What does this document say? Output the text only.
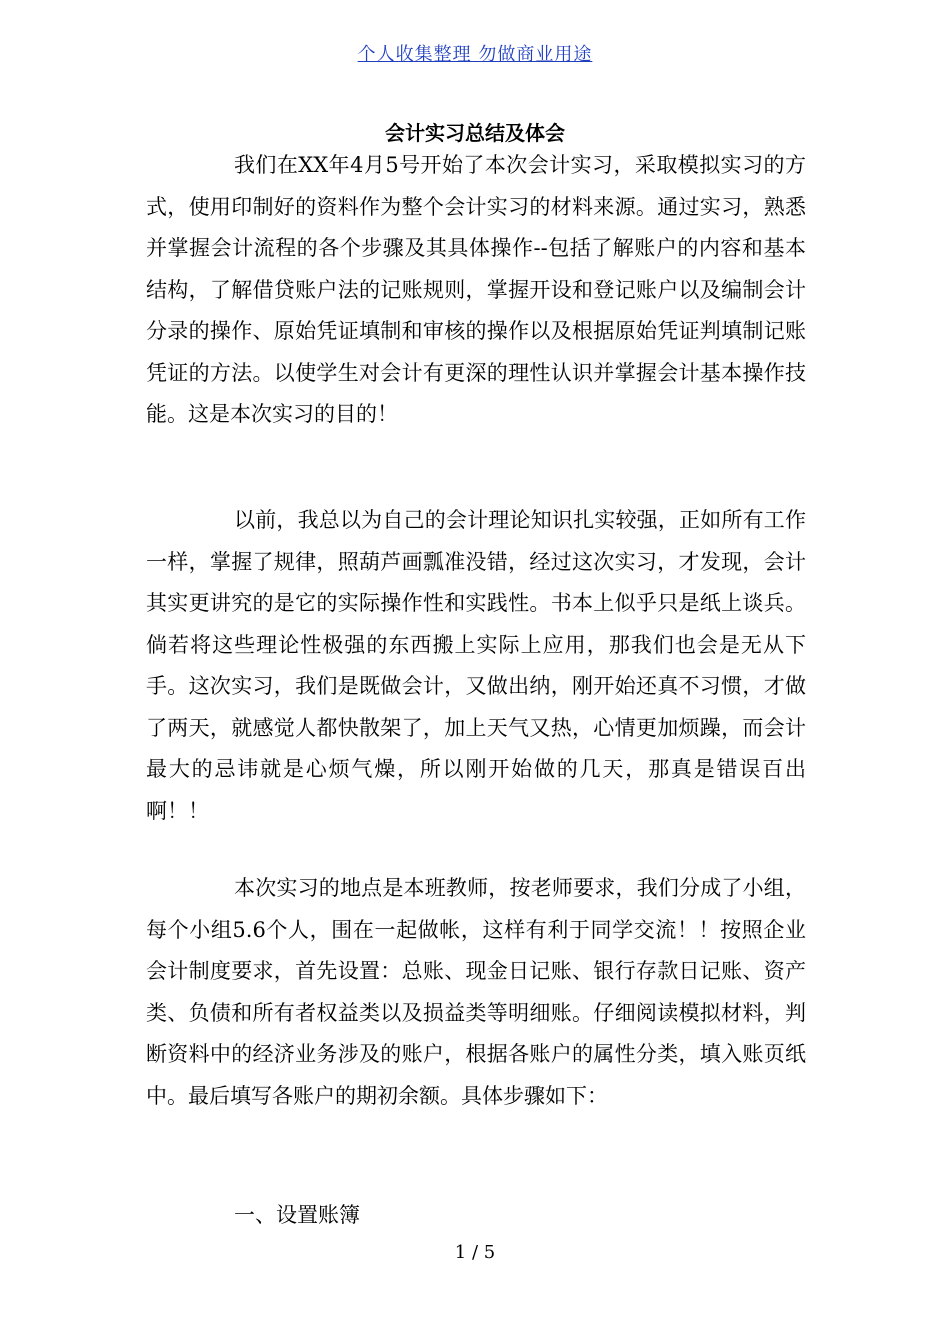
个人收集整理 勿做商业用途
会计实习总结及体会

我们在XX年4月5号开始了本次会计实习，采取模拟实习的方式，使用印制好的资料作为整个会计实习的材料来源。通过实习，熟悉并掌握会计流程的各个步骤及其具体操作--包括了解账户的内容和基本结构，了解借贷账户法的记账规则，掌握开设和登记账户以及编制会计分录的操作、原始凭证填制和审核的操作以及根据原始凭证判填制记账凭证的方法。以使学生对会计有更深的理性认识并掌握会计基本操作技能。这是本次实习的目的！

以前，我总以为自己的会计理论知识扎实较强，正如所有工作一样，掌握了规律，照葫芦画瓢准没错，经过这次实习，才发现，会计其实更讲究的是它的实际操作性和实践性。书本上似乎只是纸上谈兵。倘若将这些理论性极强的东西搬上实际上应用，那我们也会是无从下手。这次实习，我们是既做会计，又做出纳，刚开始还真不习惯，才做了两天，就感觉人都快散架了，加上天气又热，心情更加烦躁，而会计最大的忌讳就是心烦气燥，所以刚开始做的几天，那真是错误百出啊！！

本次实习的地点是本班教师，按老师要求，我们分成了小组，每个小组5.6个人，围在一起做帐，这样有利于同学交流！！按照企业会计制度要求，首先设置：总账、现金日记账、银行存款日记账、资产类、负债和所有者权益类以及损益类等明细账。仔细阅读模拟材料，判断资料中的经济业务涉及的账户，根据各账户的属性分类，填入账页纸中。最后填写各账户的期初余额。具体步骤如下：

一、设置账簿
1 / 5
